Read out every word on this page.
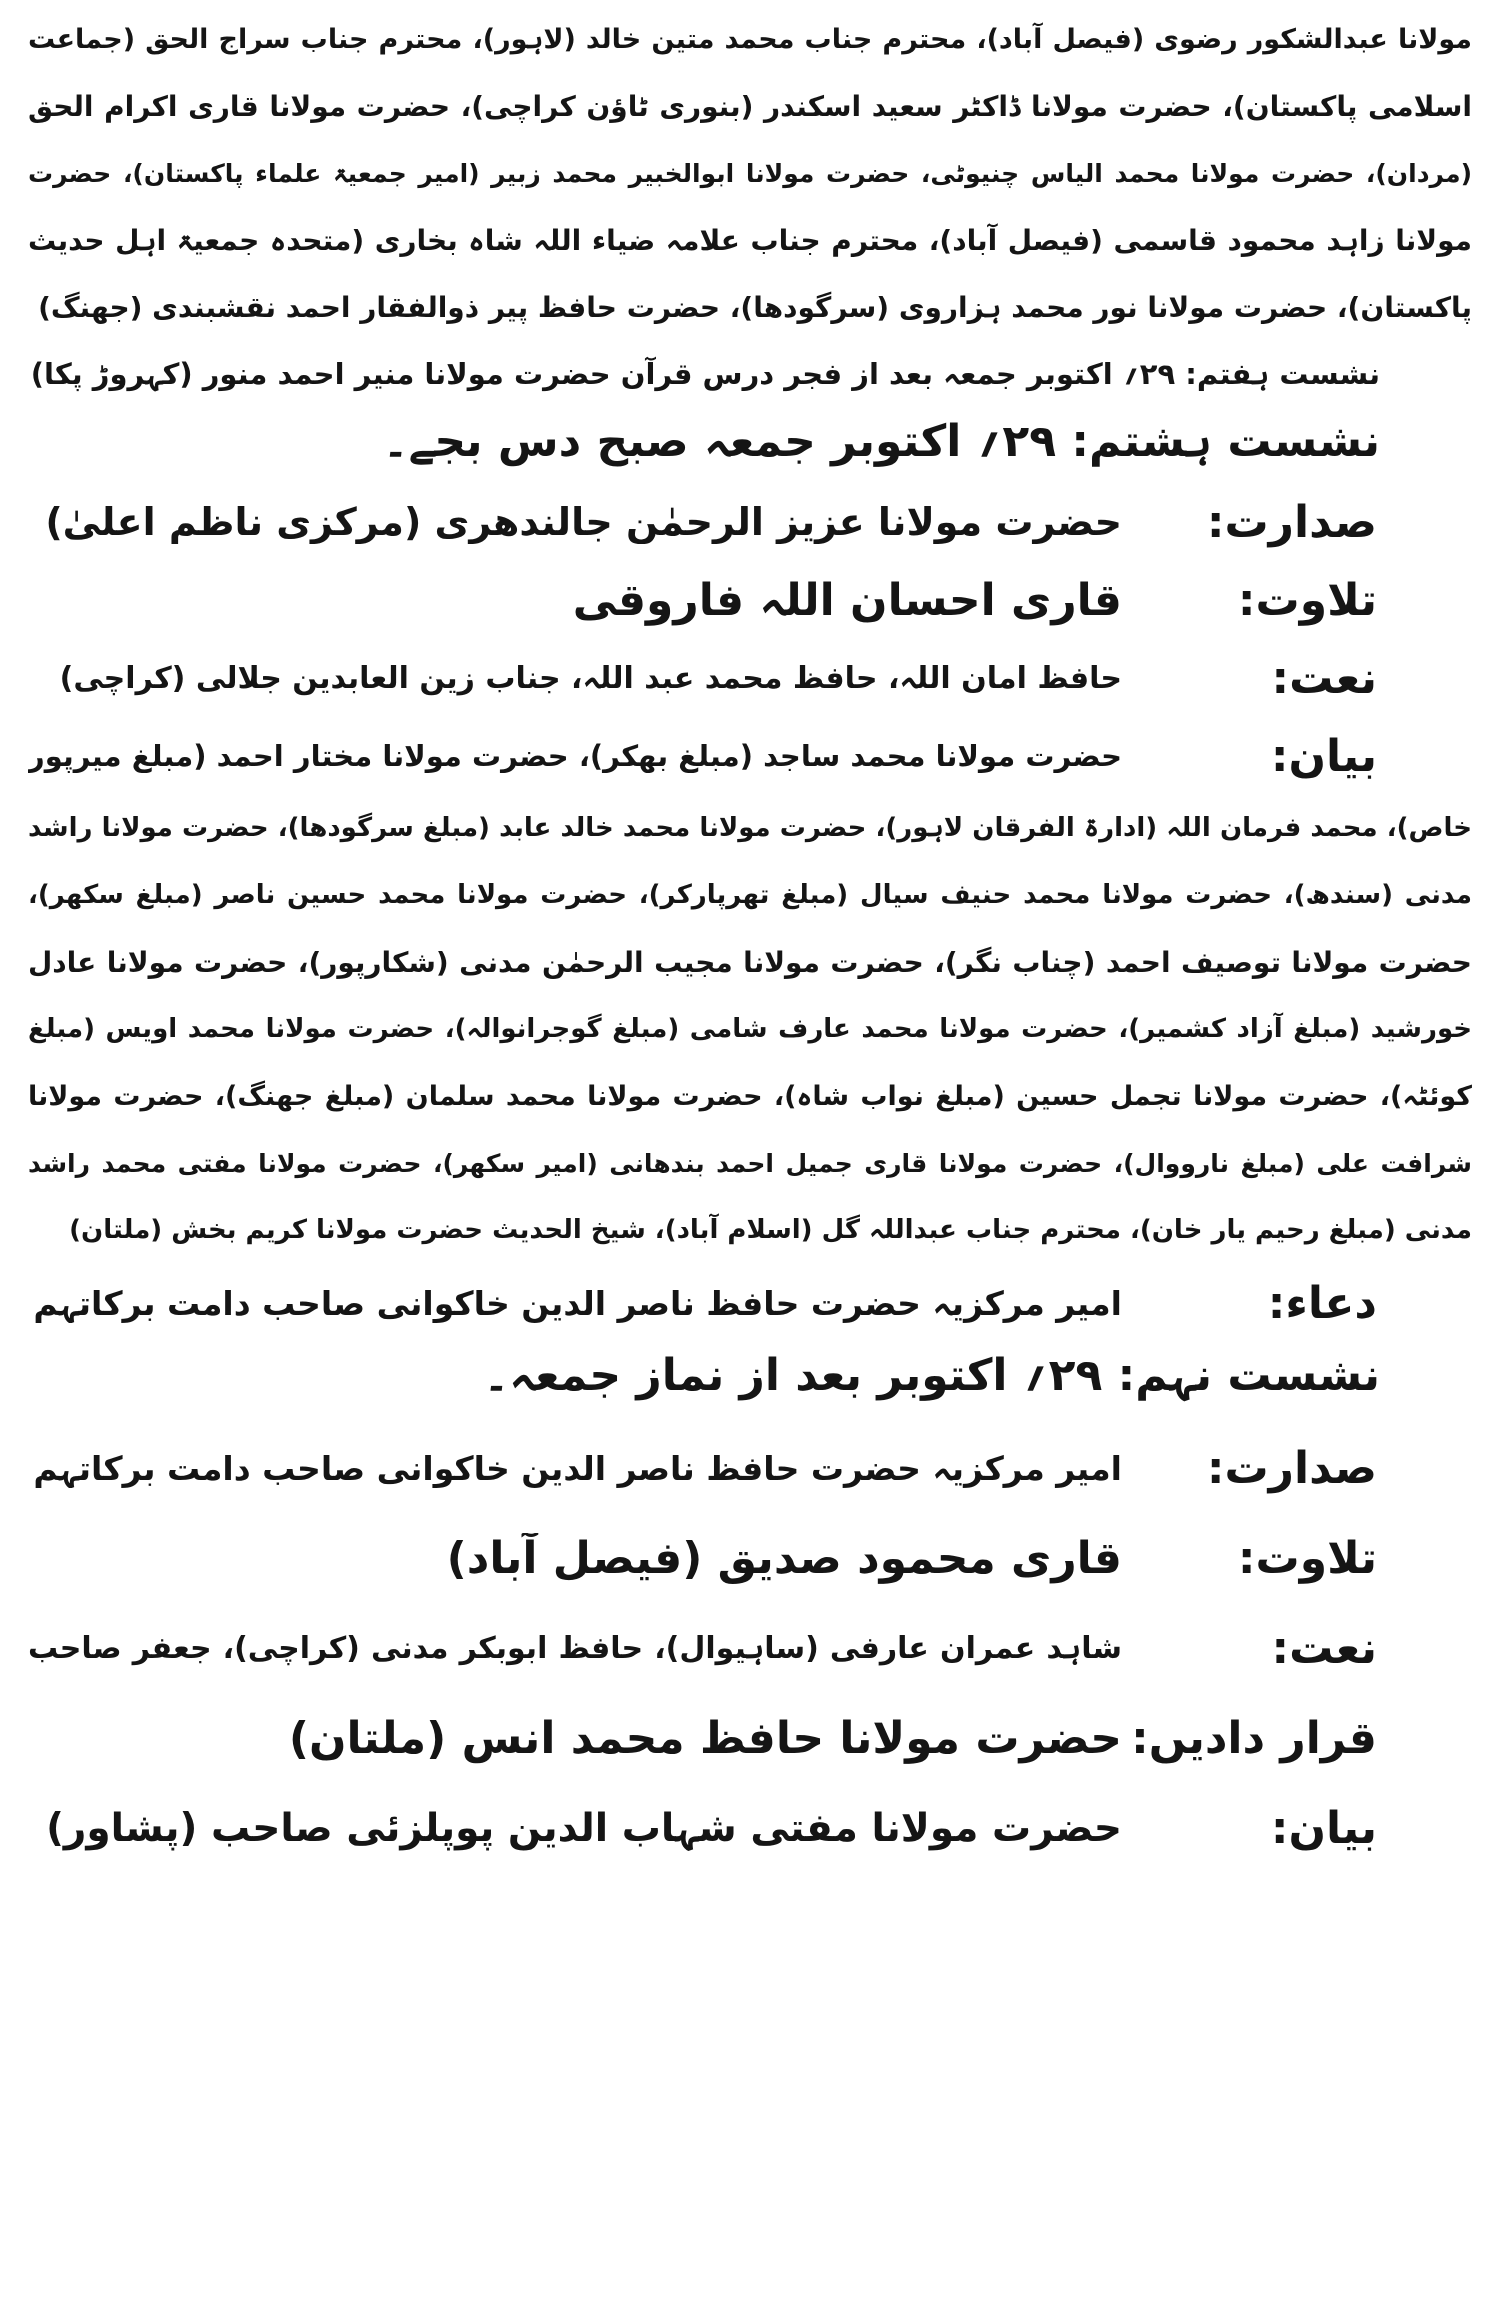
مولانا عبدالشکور رضوی (فیصل آباد)، محترم جناب محمد متین خالد (لاہور)، محترم جناب سراج الحق (جماعت
اسلامی پاکستان)، حضرت مولانا ڈاکٹر سعید اسکندر (بنوری ٹاؤن کراچی)، حضرت مولانا قاری اکرام الحق
(مردان)، حضرت مولانا محمد الیاس چنیوٹی، حضرت مولانا ابوالخبیر محمد زبیر (امیر جمعیۃ علماء پاکستان)، حضرت
مولانا زاہد محمود قاسمی (فیصل آباد)، محترم جناب علامہ ضیاء اللہ شاہ بخاری (متحدہ جمعیۃ اہل حدیث
پاکستان)، حضرت مولانا نور محمد ہزاروی (سرگودھا)، حضرت حافظ پیر ذوالفقار احمد نقشبندی (جھنگ)
نشست ہفتم: ۲۹؍ اکتوبر جمعہ بعد از فجر درس قرآن حضرت مولانا منیر احمد منور (کہروڑ پکا)
نشست ہشتم: ۲۹؍ اکتوبر جمعہ صبح دس بجے۔
صدارت:
حضرت مولانا عزیز الرحمٰن جالندھری (مرکزی ناظم اعلیٰ)
تلاوت:
قاری احسان اللہ فاروقی
نعت:
حافظ امان اللہ، حافظ محمد عبد اللہ، جناب زین العابدین جلالی (کراچی)
بیان:
حضرت مولانا محمد ساجد (مبلغ بھکر)، حضرت مولانا مختار احمد (مبلغ میرپور
خاص)، محمد فرمان اللہ (ادارۃ الفرقان لاہور)، حضرت مولانا محمد خالد عابد (مبلغ سرگودھا)، حضرت مولانا راشد
مدنی (سندھ)، حضرت مولانا محمد حنیف سیال (مبلغ تھرپارکر)، حضرت مولانا محمد حسین ناصر (مبلغ سکھر)،
حضرت مولانا توصیف احمد (چناب نگر)، حضرت مولانا مجیب الرحمٰن مدنی (شکارپور)، حضرت مولانا عادل
خورشید (مبلغ آزاد کشمیر)، حضرت مولانا محمد عارف شامی (مبلغ گوجرانوالہ)، حضرت مولانا محمد اویس (مبلغ
کوئٹہ)، حضرت مولانا تجمل حسین (مبلغ نواب شاہ)، حضرت مولانا محمد سلمان (مبلغ جھنگ)، حضرت مولانا
شرافت علی (مبلغ نارووال)، حضرت مولانا قاری جمیل احمد بندھانی (امیر سکھر)، حضرت مولانا مفتی محمد راشد
مدنی (مبلغ رحیم یار خان)، محترم جناب عبداللہ گل (اسلام آباد)، شیخ الحدیث حضرت مولانا کریم بخش (ملتان)
دعاء:
امیر مرکزیہ حضرت حافظ ناصر الدین خاکوانی صاحب دامت برکاتہم
نشست نہم: ۲۹؍ اکتوبر بعد از نماز جمعہ۔
صدارت:
امیر مرکزیہ حضرت حافظ ناصر الدین خاکوانی صاحب دامت برکاتہم
تلاوت:
قاری محمود صدیق (فیصل آباد)
نعت:
شاہد عمران عارفی (ساہیوال)، حافظ ابوبکر مدنی (کراچی)، جعفر صاحب
قرار دادیں:
حضرت مولانا حافظ محمد انس (ملتان)
بیان:
حضرت مولانا مفتی شہاب الدین پوپلزئی صاحب (پشاور)
